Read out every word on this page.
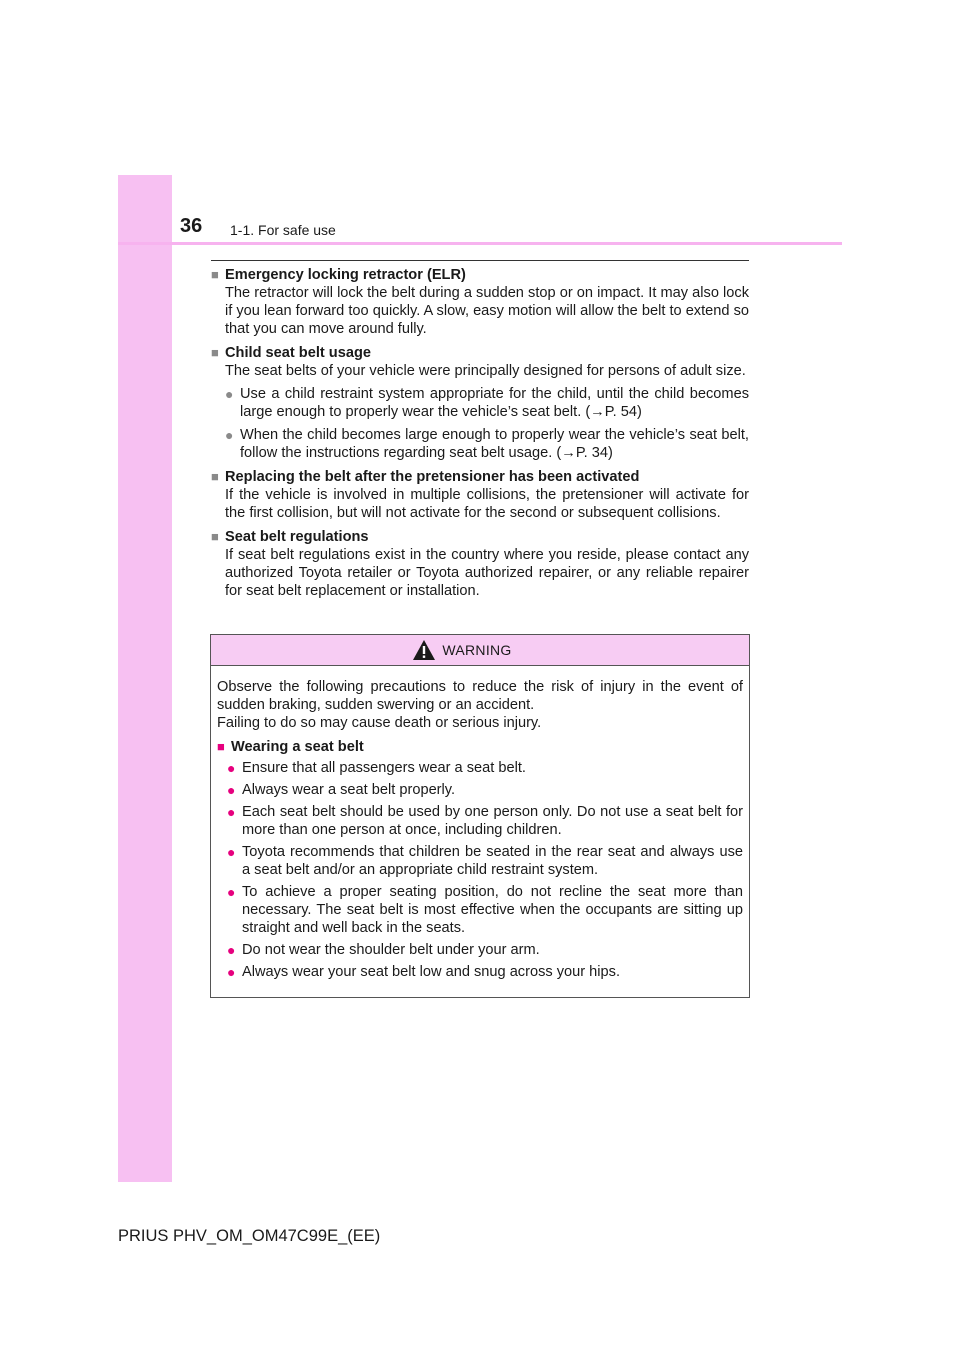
36 1-1. For safe use
■ Emergency locking retractor (ELR)
The retractor will lock the belt during a sudden stop or on impact. It may also lock if you lean forward too quickly. A slow, easy motion will allow the belt to extend so that you can move around fully.
■ Child seat belt usage
The seat belts of your vehicle were principally designed for persons of adult size.
● Use a child restraint system appropriate for the child, until the child becomes large enough to properly wear the vehicle’s seat belt. (→P. 54)
● When the child becomes large enough to properly wear the vehicle’s seat belt, follow the instructions regarding seat belt usage. (→P. 34)
■ Replacing the belt after the pretensioner has been activated
If the vehicle is involved in multiple collisions, the pretensioner will activate for the first collision, but will not activate for the second or subsequent collisions.
■ Seat belt regulations
If seat belt regulations exist in the country where you reside, please contact any authorized Toyota retailer or Toyota authorized repairer, or any reliable repairer for seat belt replacement or installation.
WARNING
Observe the following precautions to reduce the risk of injury in the event of sudden braking, sudden swerving or an accident.
Failing to do so may cause death or serious injury.
■ Wearing a seat belt
● Ensure that all passengers wear a seat belt.
● Always wear a seat belt properly.
● Each seat belt should be used by one person only. Do not use a seat belt for more than one person at once, including children.
● Toyota recommends that children be seated in the rear seat and always use a seat belt and/or an appropriate child restraint system.
● To achieve a proper seating position, do not recline the seat more than necessary. The seat belt is most effective when the occupants are sitting up straight and well back in the seats.
● Do not wear the shoulder belt under your arm.
● Always wear your seat belt low and snug across your hips.
PRIUS PHV_OM_OM47C99E_(EE)
